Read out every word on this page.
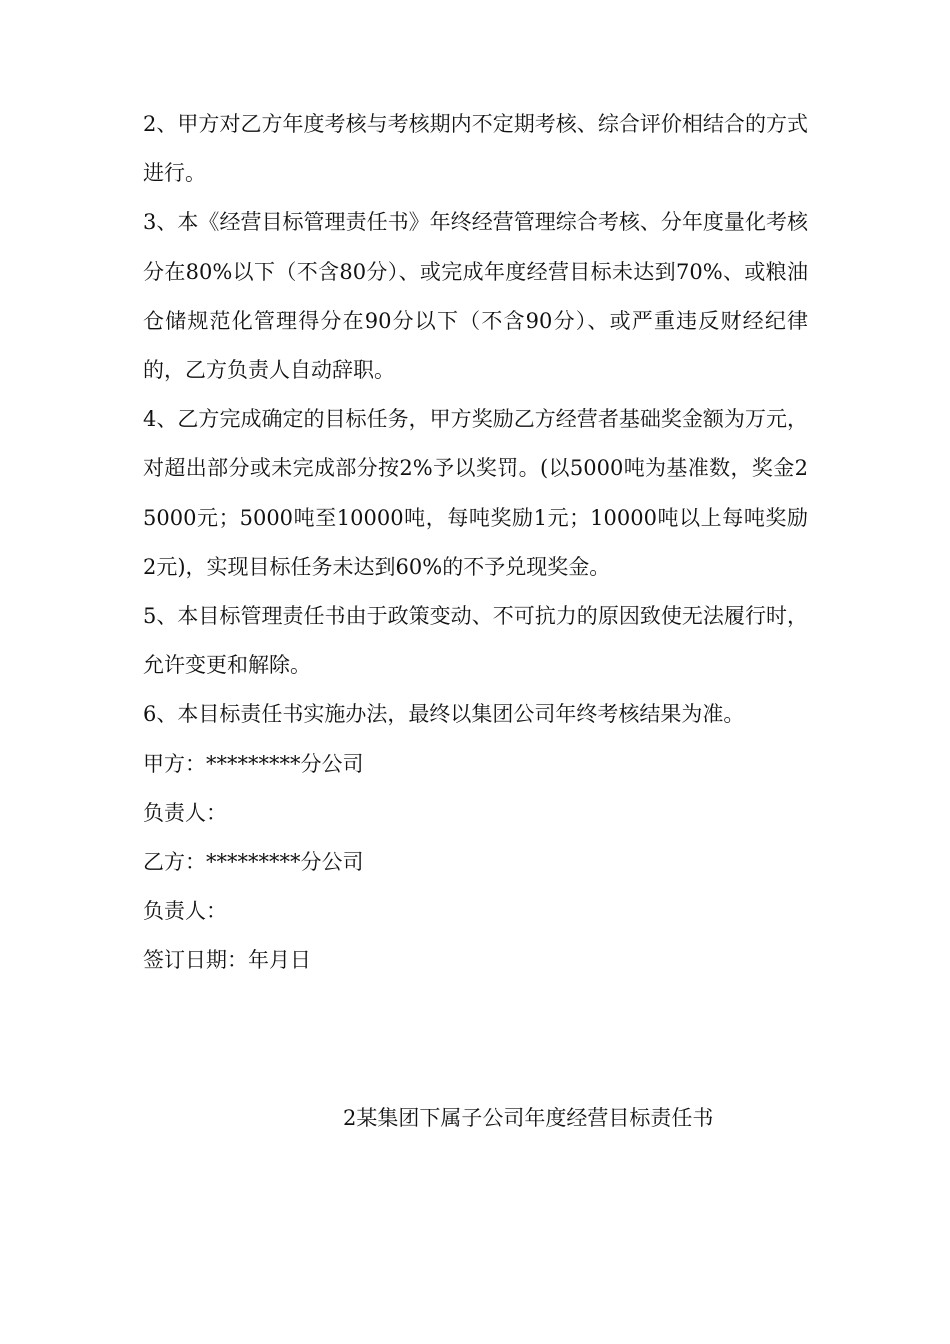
2、甲方对乙方年度考核与考核期内不定期考核、综合评价相结合的方式进行。

3、本《经营目标管理责任书》年终经营管理综合考核、分年度量化考核分在80%以下（不含80分）、或完成年度经营目标未达到70%、或粮油仓储规范化管理得分在90分以下（不含90分）、或严重违反财经纪律的，乙方负责人自动辞职。

4、乙方完成确定的目标任务，甲方奖励乙方经营者基础奖金额为万元，对超出部分或未完成部分按2%予以奖罚。(以5000吨为基准数，奖金25000元；5000吨至10000吨，每吨奖励1元；10000吨以上每吨奖励2元)，实现目标任务未达到60%的不予兑现奖金。

5、本目标管理责任书由于政策变动、不可抗力的原因致使无法履行时，允许变更和解除。

6、本目标责任书实施办法，最终以集团公司年终考核结果为准。

甲方：*********分公司

负责人：

乙方：*********分公司

负责人：

签订日期：年月日

2某集团下属子公司年度经营目标责任书
